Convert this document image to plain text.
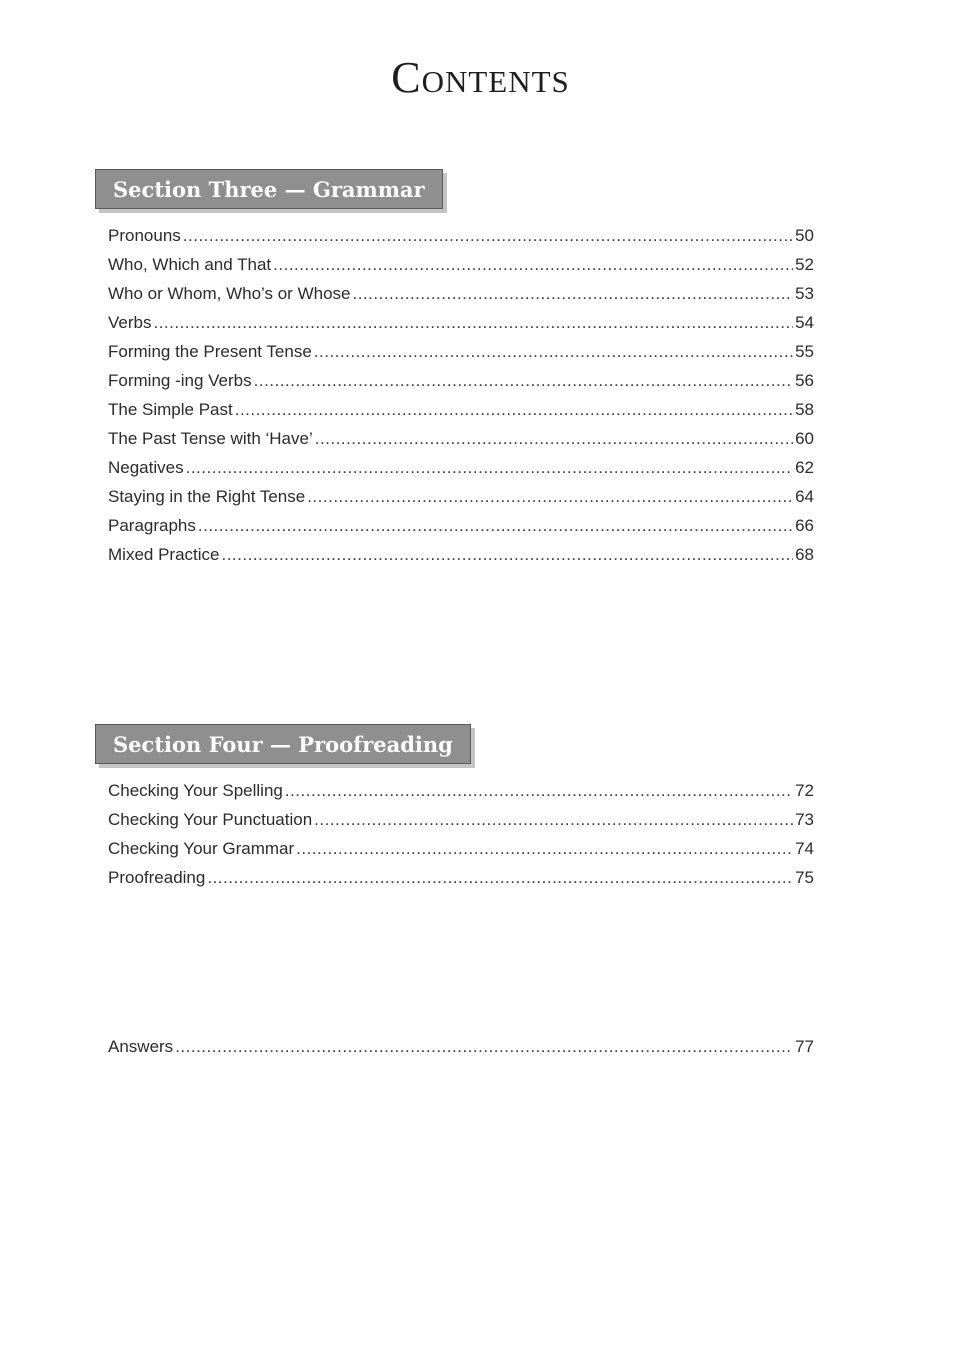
Contents
Section Three — Grammar
Pronouns .....	50
Who, Which and That .....	52
Who or Whom, Who’s or Whose .....	53
Verbs .....	54
Forming the Present Tense .....	55
Forming -ing Verbs .....	56
The Simple Past .....	58
The Past Tense with ‘Have’ .....	60
Negatives .....	62
Staying in the Right Tense .....	64
Paragraphs .....	66
Mixed Practice .....	68
Section Four — Proofreading
Checking Your Spelling .....	72
Checking Your Punctuation .....	73
Checking Your Grammar .....	74
Proofreading .....	75
Answers .....	77
